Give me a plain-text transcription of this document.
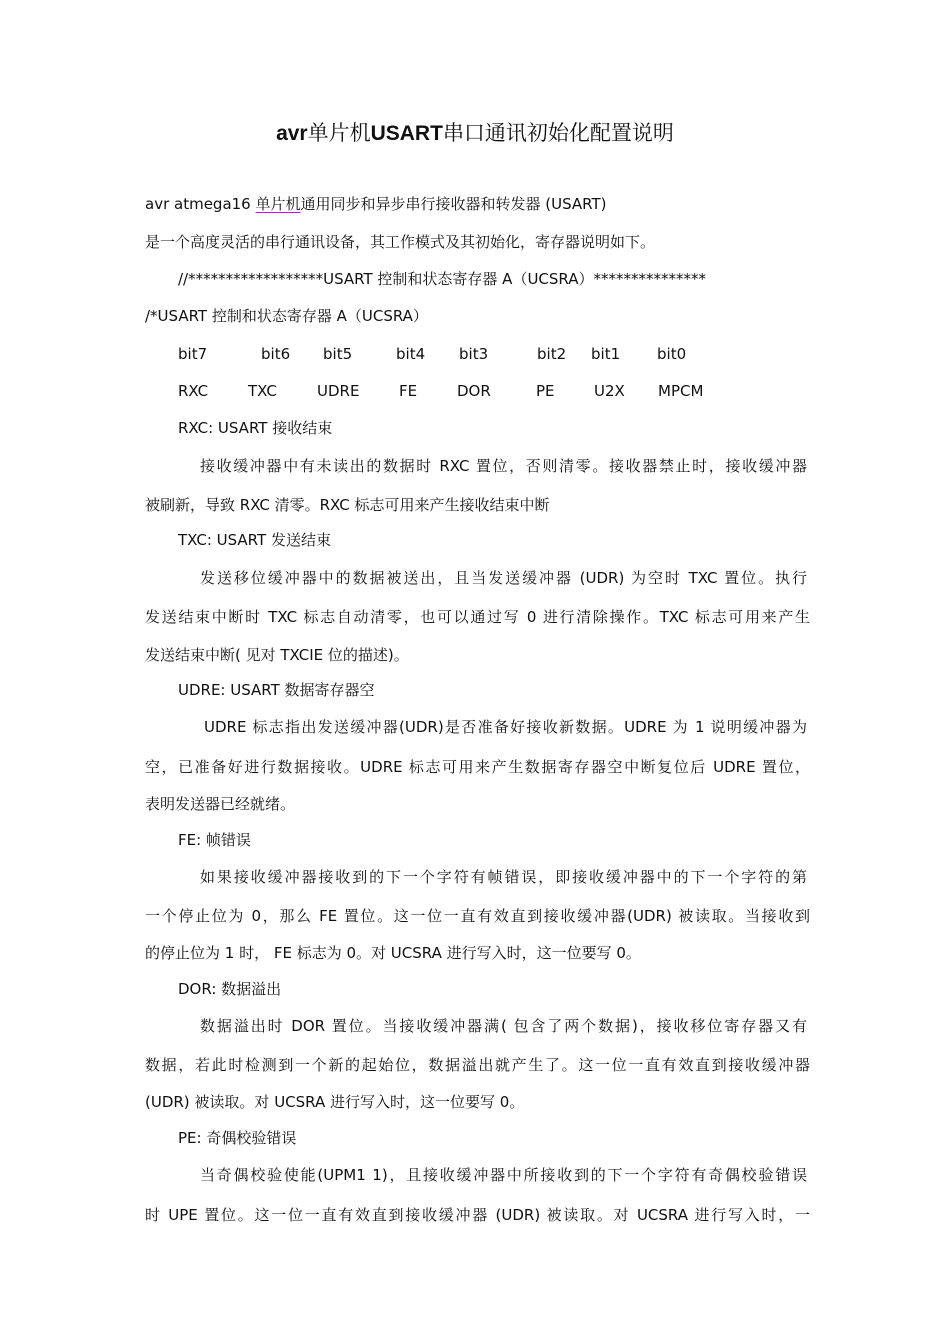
avr单片机USART串口通讯初始化配置说明
avr atmega16 单片机通用同步和异步串行接收器和转发器 (USART)
是一个高度灵活的串行通讯设备，其工作模式及其初始化，寄存器说明如下。
//******************USART 控制和状态寄存器 A（UCSRA）***************
/*USART 控制和状态寄存器 A（UCSRA）
bit7	bit6 bit5	bit4 bit3	bit2 bit1 bit0
RXC	TXC	UDRE	FE	DOR	PE	U2X MPCM
RXC: USART 接收结束
接收缓冲器中有未读出的数据时 RXC 置位，否则清零。接收器禁止时，接收缓冲器
被刷新，导致 RXC 清零。RXC 标志可用来产生接收结束中断
TXC: USART 发送结束
发送移位缓冲器中的数据被送出，且当发送缓冲器 (UDR) 为空时 TXC 置位。执行
发送结束中断时 TXC 标志自动清零，也可以通过写 0 进行清除操作。TXC 标志可用来产生
发送结束中断( 见对 TXCIE 位的描述)。
UDRE: USART 数据寄存器空
UDRE 标志指出发送缓冲器(UDR)是否准备好接收新数据。UDRE 为 1 说明缓冲器为
空，已准备好进行数据接收。UDRE 标志可用来产生数据寄存器空中断复位后 UDRE 置位，
表明发送器已经就绪。
FE: 帧错误
如果接收缓冲器接收到的下一个字符有帧错误，即接收缓冲器中的下一个字符的第
一个停止位为 0，那么 FE 置位。这一位一直有效直到接收缓冲器(UDR) 被读取。当接收到
的停止位为 1 时， FE 标志为 0。对 UCSRA 进行写入时，这一位要写 0。
DOR: 数据溢出
数据溢出时 DOR 置位。当接收缓冲器满( 包含了两个数据)，接收移位寄存器又有
数据，若此时检测到一个新的起始位，数据溢出就产生了。这一位一直有效直到接收缓冲器
(UDR) 被读取。对 UCSRA 进行写入时，这一位要写 0。
PE: 奇偶校验错误
当奇偶校验使能(UPM1 1)，且接收缓冲器中所接收到的下一个字符有奇偶校验错误
时 UPE 置位。这一位一直有效直到接收缓冲器 (UDR) 被读取。对 UCSRA 进行写入时，一
